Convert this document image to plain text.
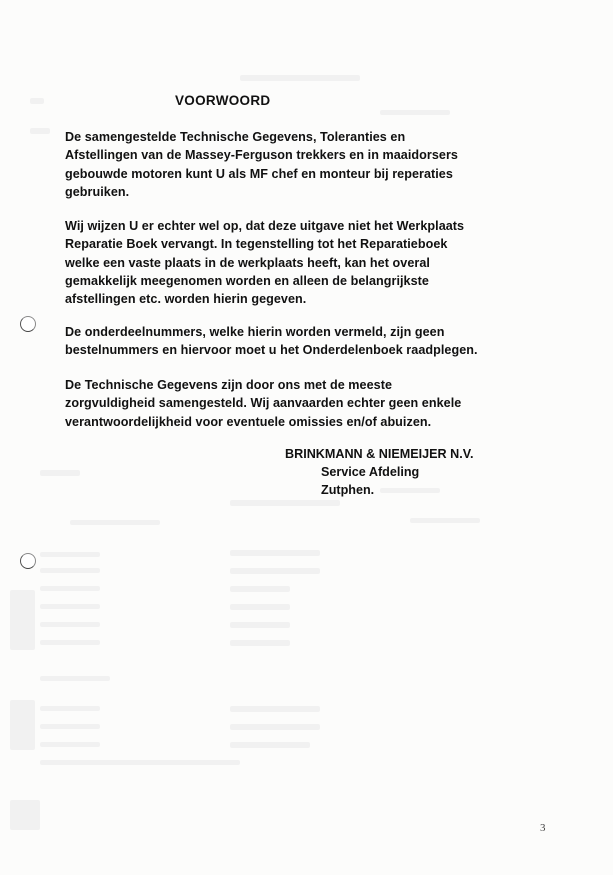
VOORWOORD
De samengestelde Technische Gegevens, Toleranties en
Afstellingen van de Massey-Ferguson trekkers en in maaidorsers
gebouwde motoren kunt U als MF chef en monteur bij reperaties
gebruiken.
Wij wijzen U er echter wel op, dat deze uitgave niet het Werkplaats
Reparatie Boek vervangt. In tegenstelling tot het Reparatieboek
welke een vaste plaats in de werkplaats heeft, kan het overal
gemakkelijk meegenomen worden en alleen de belangrijkste
afstellingen etc. worden hierin gegeven.
De onderdeelnummers, welke hierin worden vermeld, zijn geen
bestelnummers en hiervoor moet u het Onderdelenboek raadplegen.
De Technische Gegevens zijn door ons met de meeste
zorgvuldigheid samengesteld. Wij aanvaarden echter geen enkele
verantwoordelijkheid voor eventuele omissies en/of abuizen.
BRINKMANN & NIEMEIJER N.V.
Service Afdeling
Zutphen.
3
